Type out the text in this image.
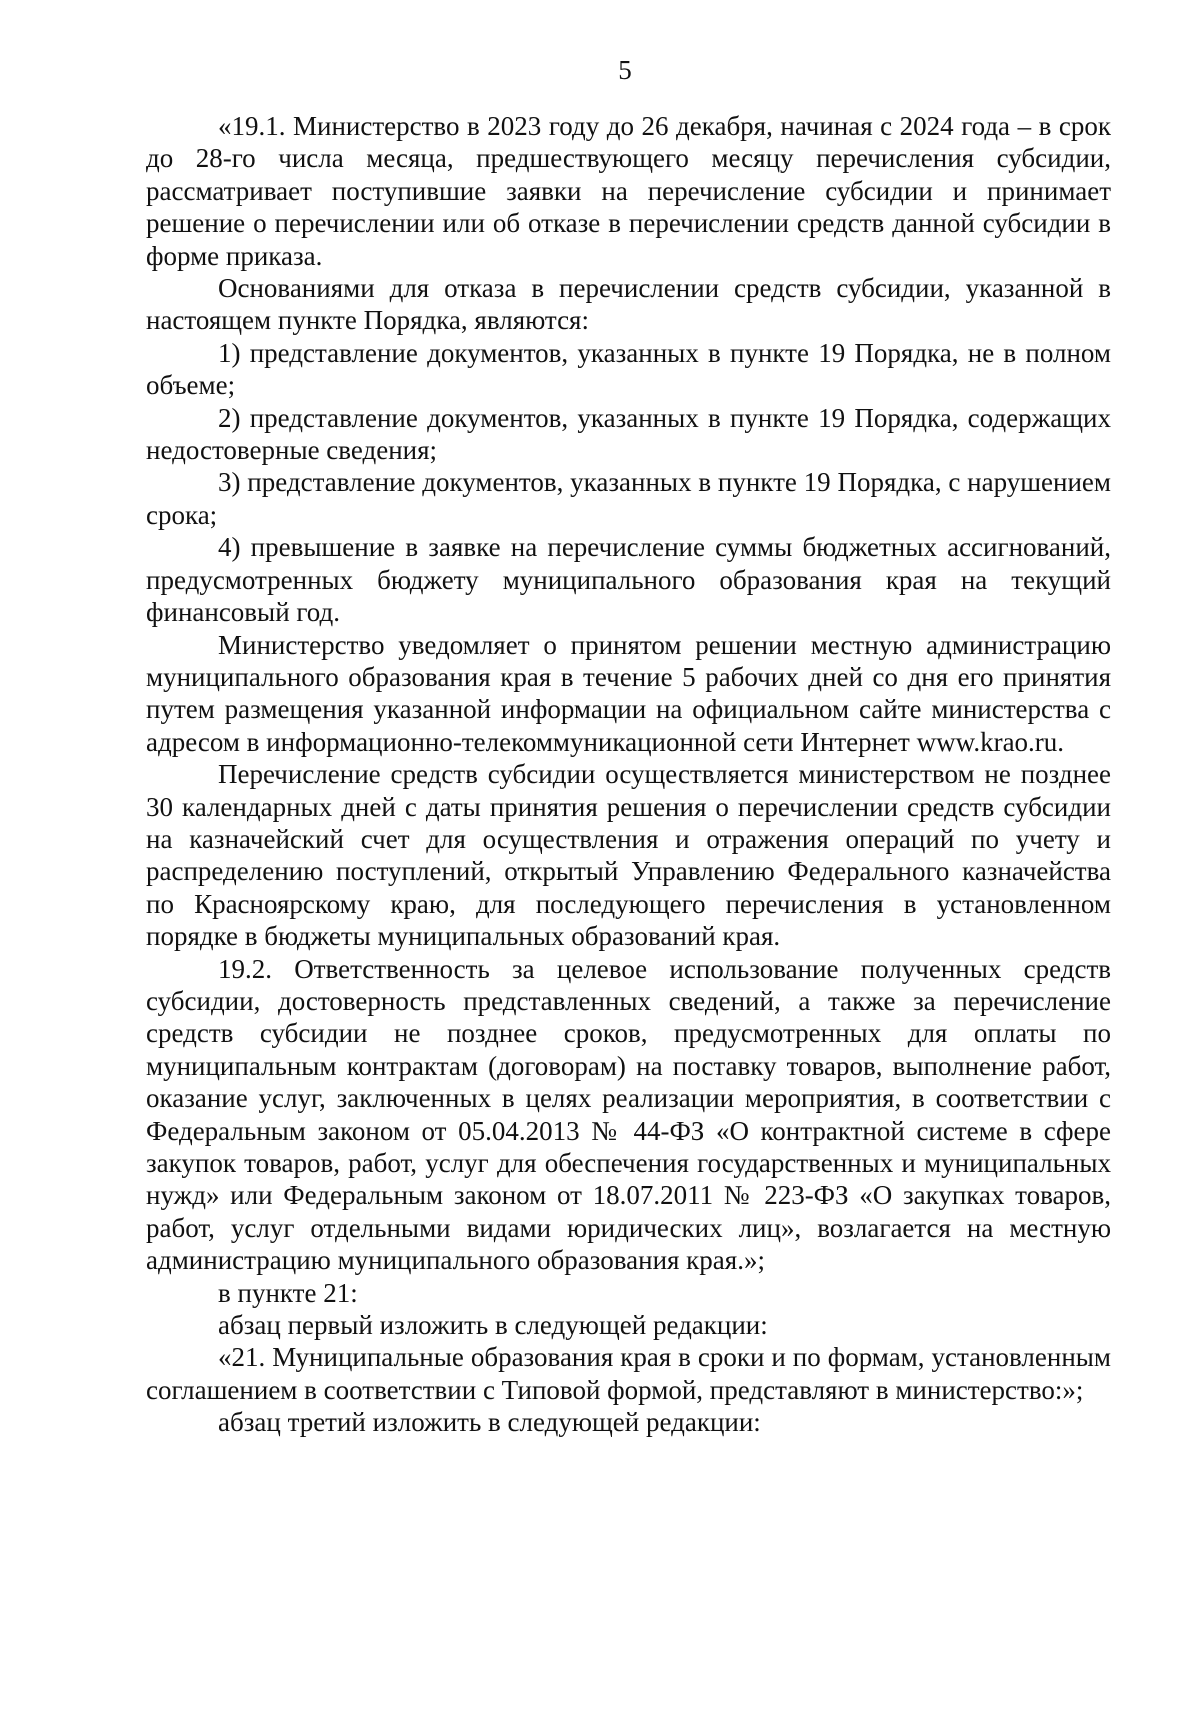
5

«19.1. Министерство в 2023 году до 26 декабря, начиная с 2024 года – в срок до 28-го числа месяца, предшествующего месяцу перечисления субсидии, рассматривает поступившие заявки на перечисление субсидии и принимает решение о перечислении или об отказе в перечислении средств данной субсидии в форме приказа.

Основаниями для отказа в перечислении средств субсидии, указанной в настоящем пункте Порядка, являются:

1) представление документов, указанных в пункте 19 Порядка, не в полном объеме;

2) представление документов, указанных в пункте 19 Порядка, содержащих недостоверные сведения;

3) представление документов, указанных в пункте 19 Порядка, с нарушением срока;

4) превышение в заявке на перечисление суммы бюджетных ассигнований, предусмотренных бюджету муниципального образования края на текущий финансовый год.

Министерство уведомляет о принятом решении местную администрацию муниципального образования края в течение 5 рабочих дней со дня его принятия путем размещения указанной информации на официальном сайте министерства с адресом в информационно-телекоммуникационной сети Интернет www.krao.ru.

Перечисление средств субсидии осуществляется министерством не позднее 30 календарных дней с даты принятия решения о перечислении средств субсидии на казначейский счет для осуществления и отражения операций по учету и распределению поступлений, открытый Управлению Федерального казначейства по Красноярскому краю, для последующего перечисления в установленном порядке в бюджеты муниципальных образований края.

19.2. Ответственность за целевое использование полученных средств субсидии, достоверность представленных сведений, а также за перечисление средств субсидии не позднее сроков, предусмотренных для оплаты по муниципальным контрактам (договорам) на поставку товаров, выполнение работ, оказание услуг, заключенных в целях реализации мероприятия, в соответствии с Федеральным законом от 05.04.2013 № 44-ФЗ «О контрактной системе в сфере закупок товаров, работ, услуг для обеспечения государственных и муниципальных нужд» или Федеральным законом от 18.07.2011 № 223-ФЗ «О закупках товаров, работ, услуг отдельными видами юридических лиц», возлагается на местную администрацию муниципального образования края.»;

в пункте 21:

абзац первый изложить в следующей редакции:

«21. Муниципальные образования края в сроки и по формам, установленным соглашением в соответствии с Типовой формой, представляют в министерство:»;

абзац третий изложить в следующей редакции:
